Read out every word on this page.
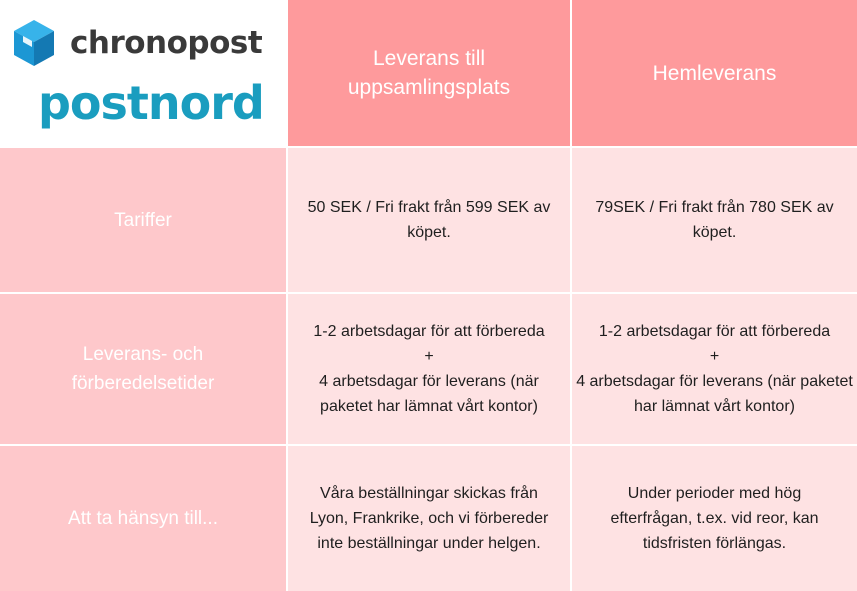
chronopost
postnord
Leverans till uppsamlingsplats
Hemleverans
Tariffer
50 SEK / Fri frakt från 599 SEK av köpet.
79SEK / Fri frakt från 780 SEK av köpet.
Leverans- och förberedelsetider
1-2 arbetsdagar för att förbereda
+
4 arbetsdagar för leverans (när paketet har lämnat vårt kontor)
1-2 arbetsdagar för att förbereda
+
4 arbetsdagar för leverans (när paketet har lämnat vårt kontor)
Att ta hänsyn till...
Våra beställningar skickas från Lyon, Frankrike, och vi förbereder inte beställningar under helgen.
Under perioder med hög efterfrågan, t.ex. vid reor, kan tidsfristen förlängas.
